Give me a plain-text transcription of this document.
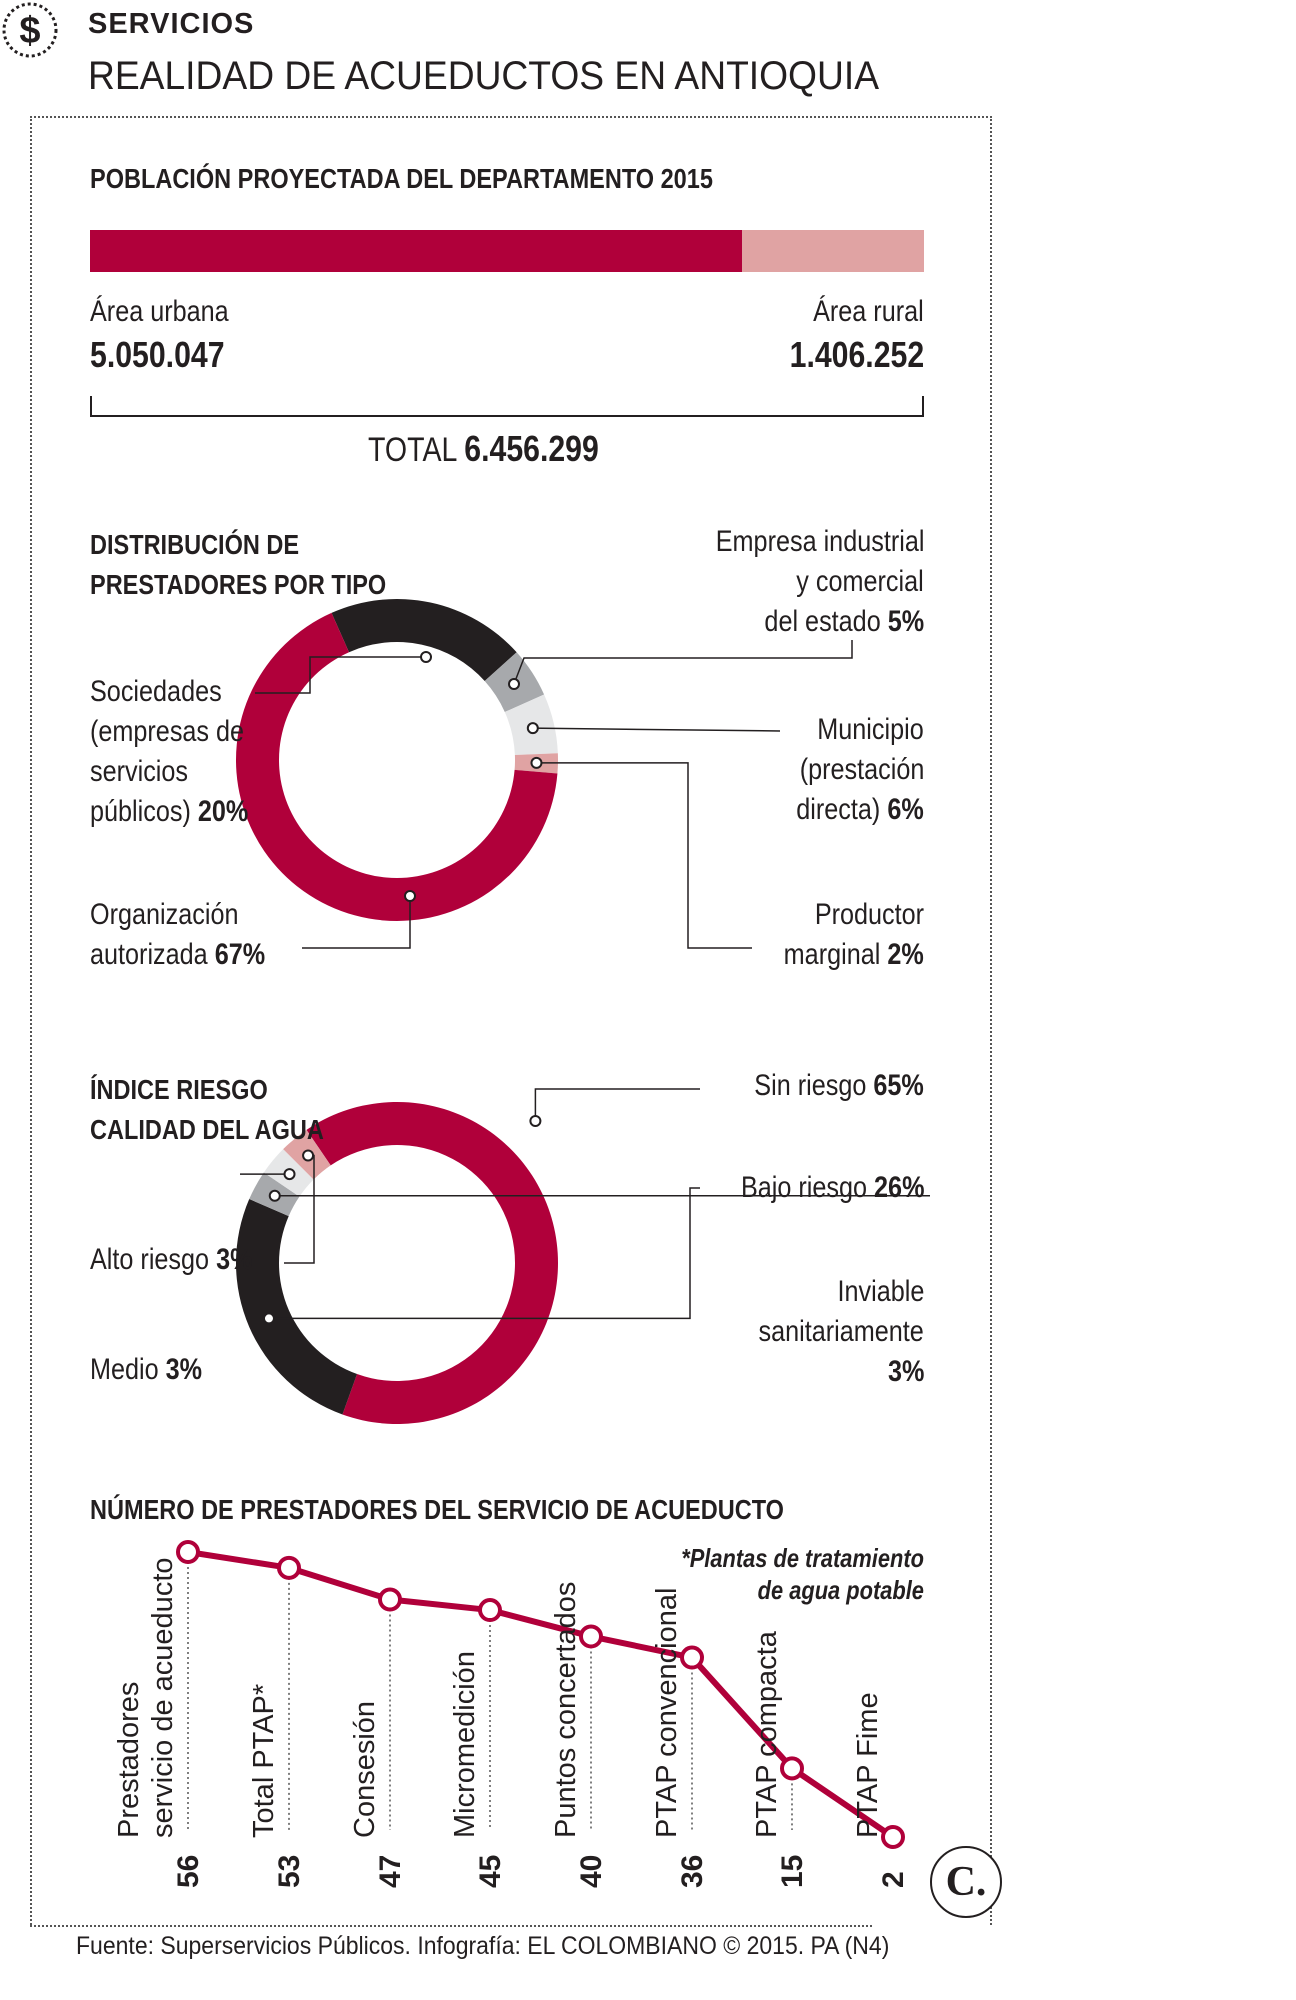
$ SERVICIOS
REALIDAD DE ACUEDUCTOS EN ANTIOQUIA
POBLACIÓN PROYECTADA DEL DEPARTAMENTO 2015
Área urbana
5.050.047
Área rural
1.406.252
TOTAL 6.456.299
DISTRIBUCIÓN DE
PRESTADORES POR TIPO
56
Prestadores servicio de acueducto
53
Total PTAP*
47
Consesión
45
Micromedición
40
Puntos concertados
36
PTAP convencional
15
PTAP compacta
2
PTAP Fime
Sociedades
(empresas de
servicios
públicos) 20%
Organización
autorizada 67%
Empresa industrial
y comercial
del estado 5%
Municipio
(prestación
directa) 6%
Productor
marginal 2%
ÍNDICE RIESGO
CALIDAD DEL AGUA
Sin riesgo 65%
Bajo riesgo 26%
Inviable
sanitariamente
3%
Alto riesgo 3%
Medio 3%
NÚMERO DE PRESTADORES DEL SERVICIO DE ACUEDUCTO
*Plantas de tratamiento
de agua potable
Fuente: Superservicios Públicos. Infografía: EL COLOMBIANO © 2015. PA (N4)
C.
